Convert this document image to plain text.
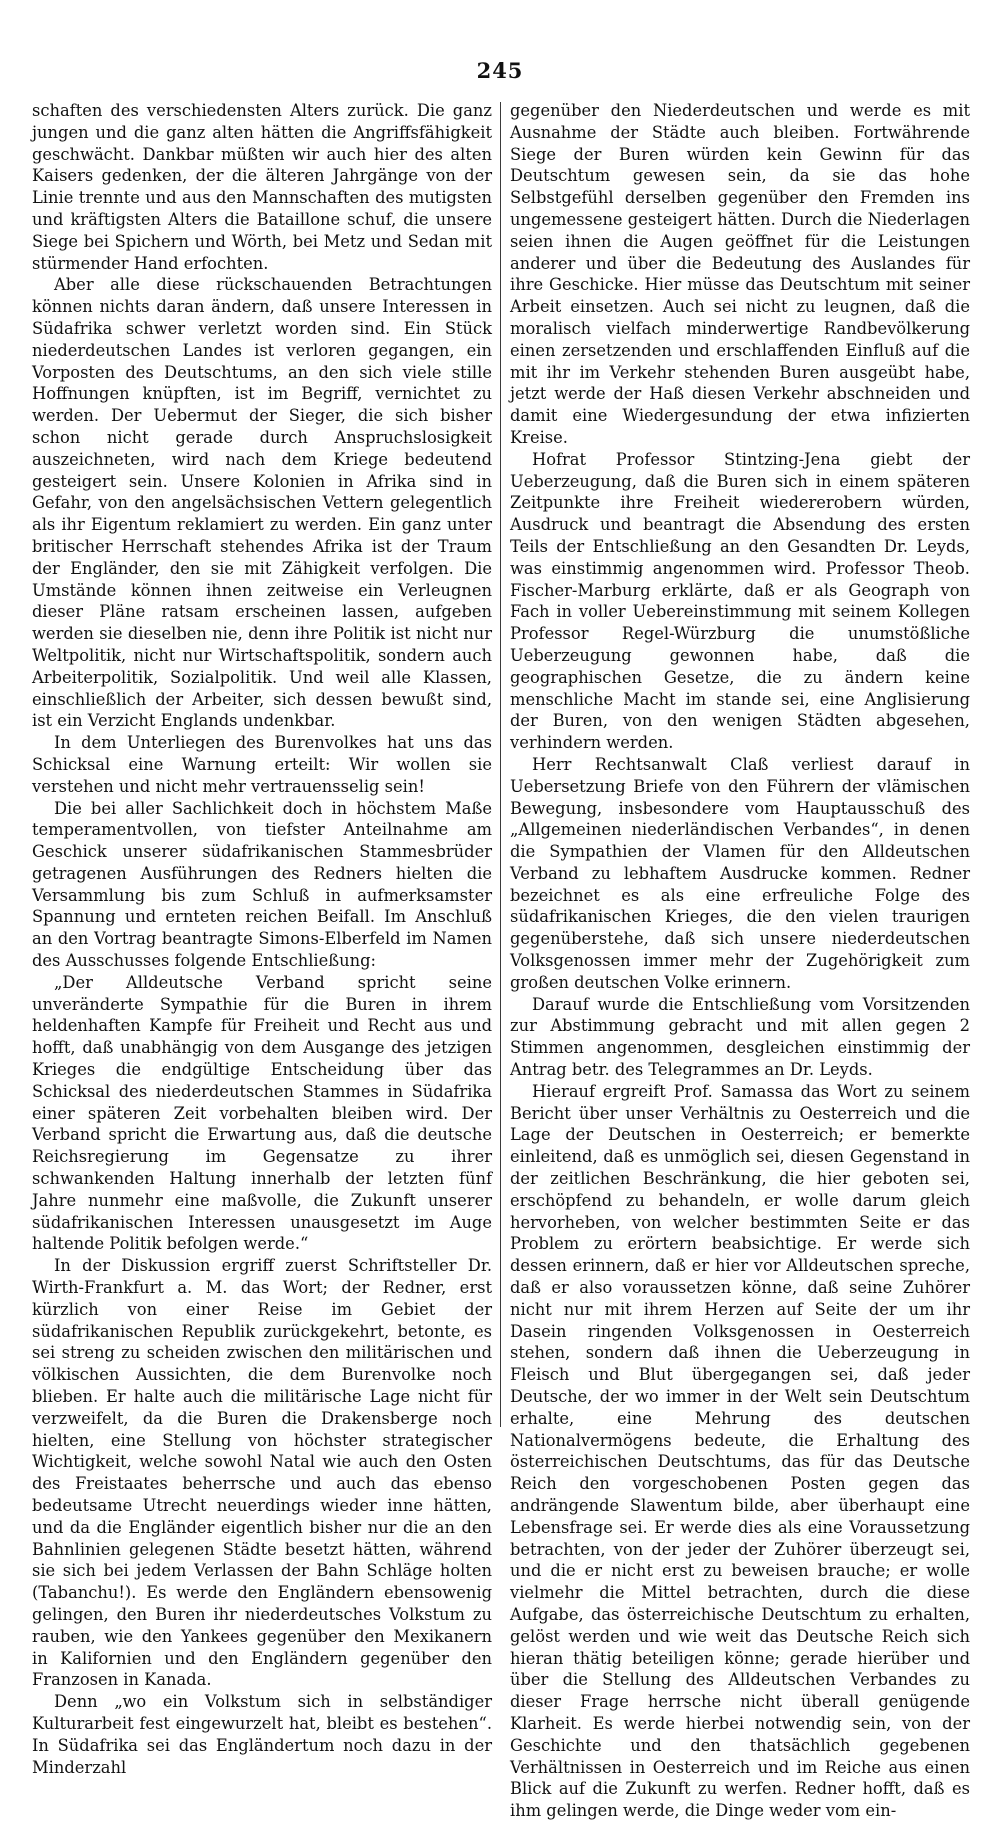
245

schaften des verschiedensten Alters zurück. Die ganz jungen und die ganz alten hätten die Angriffsfähigkeit geschwächt. Dankbar müßten wir auch hier des alten Kaisers gedenken, der die älteren Jahrgänge von der Linie trennte und aus den Mannschaften des mutigsten und kräftigsten Alters die Bataillone schuf, die unsere Siege bei Spichern und Wörth, bei Metz und Sedan mit stürmender Hand erfochten.

Aber alle diese rückschauenden Betrachtungen können nichts daran ändern, daß unsere Interessen in Südafrika schwer verletzt worden sind. Ein Stück niederdeutschen Landes ist verloren gegangen, ein Vorposten des Deutschtums, an den sich viele stille Hoffnungen knüpften, ist im Begriff, vernichtet zu werden. Der Uebermut der Sieger, die sich bisher schon nicht gerade durch Anspruchslosigkeit auszeichneten, wird nach dem Kriege bedeutend gesteigert sein. Unsere Kolonien in Afrika sind in Gefahr, von den angelsächsischen Vettern gelegentlich als ihr Eigentum reklamiert zu werden. Ein ganz unter britischer Herrschaft stehendes Afrika ist der Traum der Engländer, den sie mit Zähigkeit verfolgen. Die Umstände können ihnen zeitweise ein Verleugnen dieser Pläne ratsam erscheinen lassen, aufgeben werden sie dieselben nie, denn ihre Politik ist nicht nur Weltpolitik, nicht nur Wirtschaftspolitik, sondern auch Arbeiterpolitik, Sozialpolitik. Und weil alle Klassen, einschließlich der Arbeiter, sich dessen bewußt sind, ist ein Verzicht Englands undenkbar.

In dem Unterliegen des Burenvolkes hat uns das Schicksal eine Warnung erteilt: Wir wollen sie verstehen und nicht mehr vertrauensselig sein!

Die bei aller Sachlichkeit doch in höchstem Maße temperamentvollen, von tiefster Anteilnahme am Geschick unserer südafrikanischen Stammesbrüder getragenen Ausführungen des Redners hielten die Versammlung bis zum Schluß in aufmerksamster Spannung und ernteten reichen Beifall. Im Anschluß an den Vortrag beantragte Simons-Elberfeld im Namen des Ausschusses folgende Entschließung:

„Der Alldeutsche Verband spricht seine unveränderte Sympathie für die Buren in ihrem heldenhaften Kampfe für Freiheit und Recht aus und hofft, daß unabhängig von dem Ausgange des jetzigen Krieges die endgültige Entscheidung über das Schicksal des niederdeutschen Stammes in Südafrika einer späteren Zeit vorbehalten bleiben wird. Der Verband spricht die Erwartung aus, daß die deutsche Reichsregierung im Gegensatze zu ihrer schwankenden Haltung innerhalb der letzten fünf Jahre nunmehr eine maßvolle, die Zukunft unserer südafrikanischen Interessen unausgesetzt im Auge haltende Politik befolgen werde.“

In der Diskussion ergriff zuerst Schriftsteller Dr. Wirth-Frankfurt a. M. das Wort; der Redner, erst kürzlich von einer Reise im Gebiet der südafrikanischen Republik zurückgekehrt, betonte, es sei streng zu scheiden zwischen den militärischen und völkischen Aussichten, die dem Burenvolke noch blieben. Er halte auch die militärische Lage nicht für verzweifelt, da die Buren die Drakensberge noch hielten, eine Stellung von höchster strategischer Wichtigkeit, welche sowohl Natal wie auch den Osten des Freistaates beherrsche und auch das ebenso bedeutsame Utrecht neuerdings wieder inne hätten, und da die Engländer eigentlich bisher nur die an den Bahnlinien gelegenen Städte besetzt hätten, während sie sich bei jedem Verlassen der Bahn Schläge holten (Tabanchu!). Es werde den Engländern ebensowenig gelingen, den Buren ihr niederdeutsches Volkstum zu rauben, wie den Yankees gegenüber den Mexikanern in Kalifornien und den Engländern gegenüber den Franzosen in Kanada.

Denn „wo ein Volkstum sich in selbständiger Kulturarbeit fest eingewurzelt hat, bleibt es bestehen“. In Südafrika sei das Engländertum noch dazu in der Minderzahl

gegenüber den Niederdeutschen und werde es mit Ausnahme der Städte auch bleiben. Fortwährende Siege der Buren würden kein Gewinn für das Deutschtum gewesen sein, da sie das hohe Selbstgefühl derselben gegenüber den Fremden ins ungemessene gesteigert hätten. Durch die Niederlagen seien ihnen die Augen geöffnet für die Leistungen anderer und über die Bedeutung des Auslandes für ihre Geschicke. Hier müsse das Deutschtum mit seiner Arbeit einsetzen. Auch sei nicht zu leugnen, daß die moralisch vielfach minderwertige Randbevölkerung einen zersetzenden und erschlaffenden Einfluß auf die mit ihr im Verkehr stehenden Buren ausgeübt habe, jetzt werde der Haß diesen Verkehr abschneiden und damit eine Wiedergesundung der etwa infizierten Kreise.

Hofrat Professor Stintzing-Jena giebt der Ueberzeugung, daß die Buren sich in einem späteren Zeitpunkte ihre Freiheit wiedererobern würden, Ausdruck und beantragt die Absendung des ersten Teils der Entschließung an den Gesandten Dr. Leyds, was einstimmig angenommen wird. Professor Theob. Fischer-Marburg erklärte, daß er als Geograph von Fach in voller Uebereinstimmung mit seinem Kollegen Professor Regel-Würzburg die unumstößliche Ueberzeugung gewonnen habe, daß die geographischen Gesetze, die zu ändern keine menschliche Macht im stande sei, eine Anglisierung der Buren, von den wenigen Städten abgesehen, verhindern werden.

Herr Rechtsanwalt Claß verliest darauf in Uebersetzung Briefe von den Führern der vlämischen Bewegung, insbesondere vom Hauptausschuß des „Allgemeinen niederländischen Verbandes“, in denen die Sympathien der Vlamen für den Alldeutschen Verband zu lebhaftem Ausdrucke kommen. Redner bezeichnet es als eine erfreuliche Folge des südafrikanischen Krieges, die den vielen traurigen gegenüberstehe, daß sich unsere niederdeutschen Volksgenossen immer mehr der Zugehörigkeit zum großen deutschen Volke erinnern.

Darauf wurde die Entschließung vom Vorsitzenden zur Abstimmung gebracht und mit allen gegen 2 Stimmen angenommen, desgleichen einstimmig der Antrag betr. des Telegrammes an Dr. Leyds.

Hierauf ergreift Prof. Samassa das Wort zu seinem Bericht über unser Verhältnis zu Oesterreich und die Lage der Deutschen in Oesterreich; er bemerkte einleitend, daß es unmöglich sei, diesen Gegenstand in der zeitlichen Beschränkung, die hier geboten sei, erschöpfend zu behandeln, er wolle darum gleich hervorheben, von welcher bestimmten Seite er das Problem zu erörtern beabsichtige. Er werde sich dessen erinnern, daß er hier vor Alldeutschen spreche, daß er also voraussetzen könne, daß seine Zuhörer nicht nur mit ihrem Herzen auf Seite der um ihr Dasein ringenden Volksgenossen in Oesterreich stehen, sondern daß ihnen die Ueberzeugung in Fleisch und Blut übergegangen sei, daß jeder Deutsche, der wo immer in der Welt sein Deutschtum erhalte, eine Mehrung des deutschen Nationalvermögens bedeute, die Erhaltung des österreichischen Deutschtums, das für das Deutsche Reich den vorgeschobenen Posten gegen das andrängende Slawentum bilde, aber überhaupt eine Lebensfrage sei. Er werde dies als eine Voraussetzung betrachten, von der jeder der Zuhörer überzeugt sei, und die er nicht erst zu beweisen brauche; er wolle vielmehr die Mittel betrachten, durch die diese Aufgabe, das österreichische Deutschtum zu erhalten, gelöst werden und wie weit das Deutsche Reich sich hieran thätig beteiligen könne; gerade hierüber und über die Stellung des Alldeutschen Verbandes zu dieser Frage herrsche nicht überall genügende Klarheit. Es werde hierbei notwendig sein, von der Geschichte und den thatsächlich gegebenen Verhältnissen in Oesterreich und im Reiche aus einen Blick auf die Zukunft zu werfen. Redner hofft, daß es ihm gelingen werde, die Dinge weder vom ein-
